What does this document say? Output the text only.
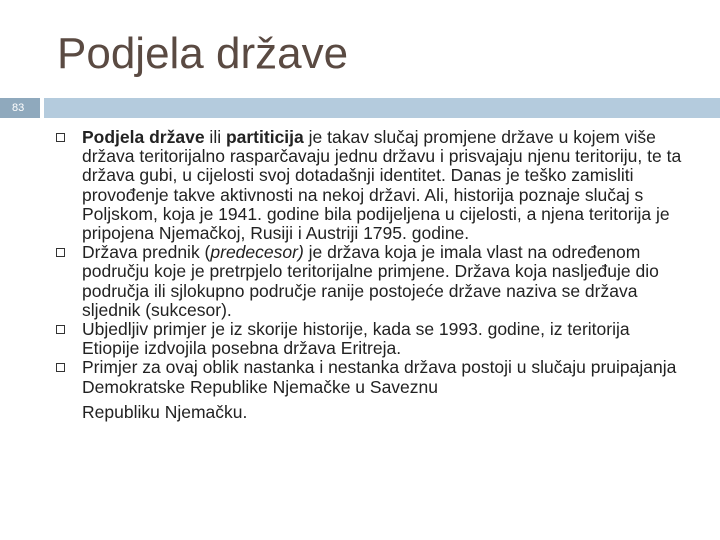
Podjela države
83
Podjela države ili partiticija je takav slučaj promjene države u kojem više država teritorijalno rasparčavaju jednu državu i prisvajaju njenu teritoriju, te ta država gubi, u cijelosti svoj dotadašnji identitet. Danas je teško zamisliti provođenje takve aktivnosti na nekoj državi. Ali, historija poznaje slučaj s Poljskom, koja je 1941. godine bila podijeljena u cijelosti, a njena teritorija je pripojena Njemačkoj, Rusiji i Austriji 1795. godine.
Država prednik (predecesor) je država koja je imala vlast na određenom području koje je pretrpjelo teritorijalne primjene. Država koja nasljeđuje dio područja ili sjlokupno područje ranije postojeće države naziva se država sljednik (sukcesor).
Ubjedljiv primjer je iz skorije historije, kada se 1993. godine, iz teritorija Etiopije izdvojila posebna država Eritreja.
Primjer za ovaj oblik nastanka i nestanka država postoji u slučaju pruipajanja Demokratske Republike Njemačke u Saveznu
Republiku Njemačku.
